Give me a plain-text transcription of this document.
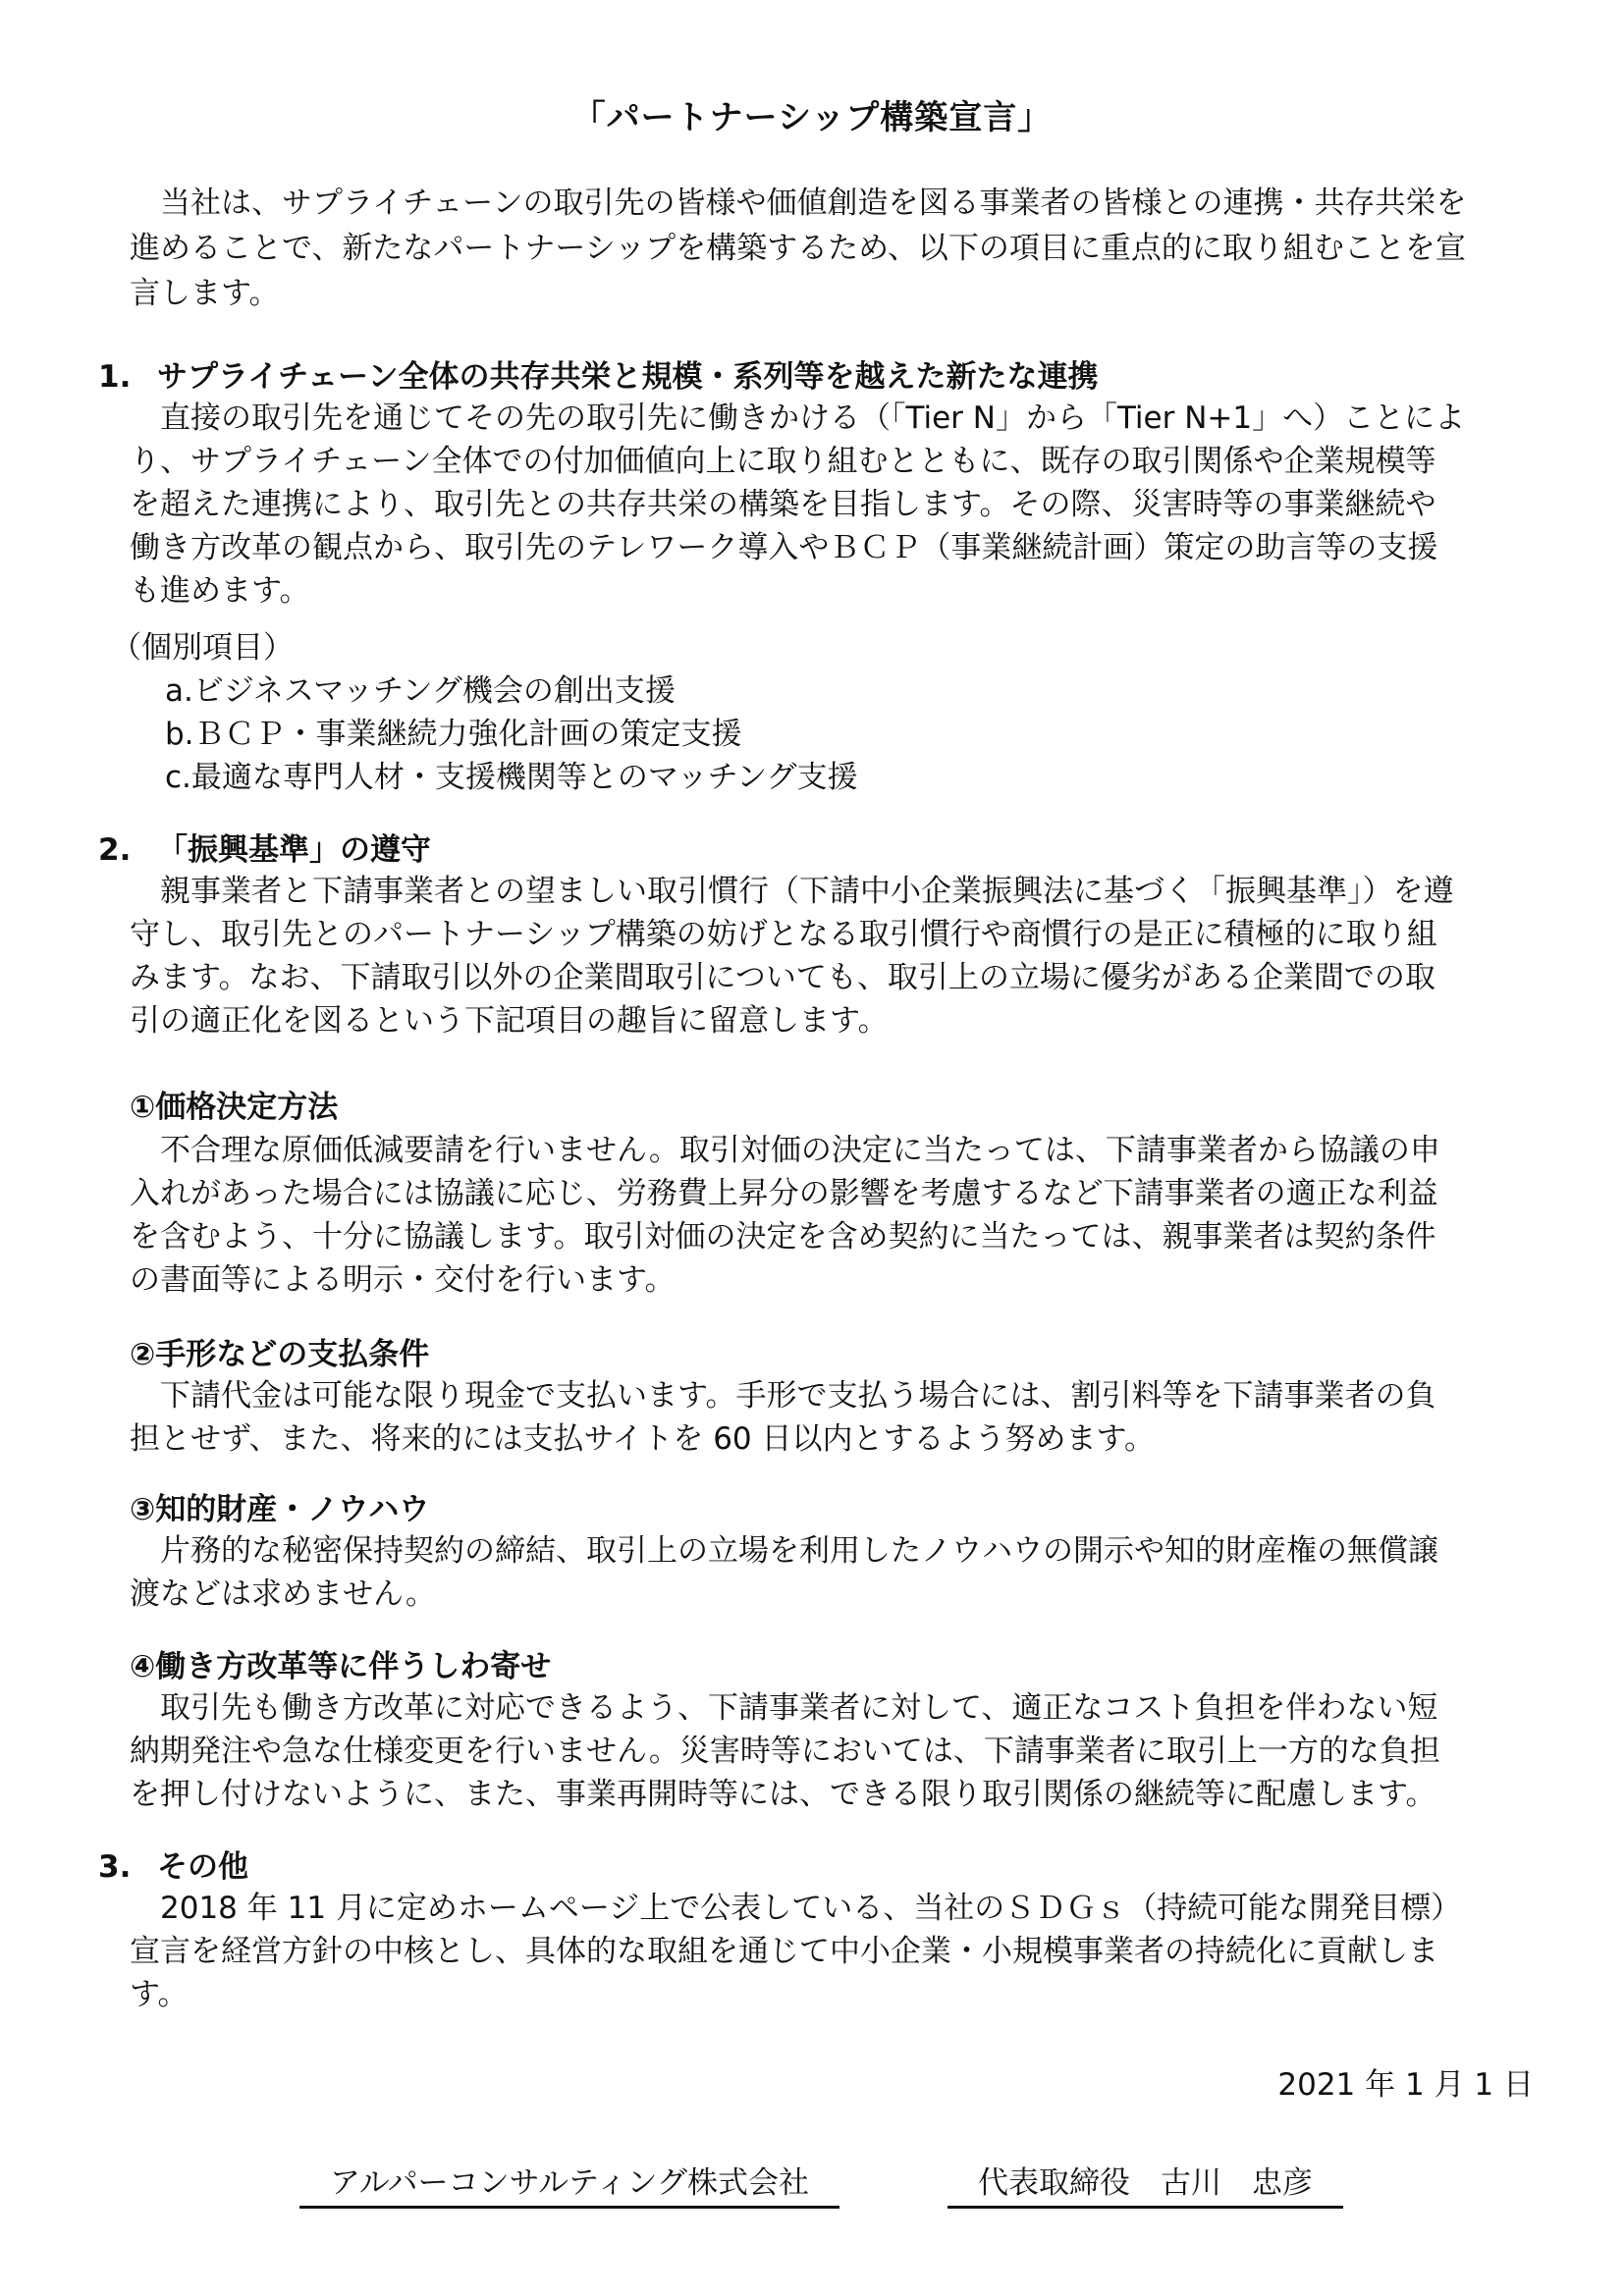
「パートナーシップ構築宣言」
　当社は、サプライチェーンの取引先の皆様や価値創造を図る事業者の皆様との連携・共存共栄を
進めることで、新たなパートナーシップを構築するため、以下の項目に重点的に取り組むことを宣
言します。
1. サプライチェーン全体の共存共栄と規模・系列等を越えた新たな連携
　直接の取引先を通じてその先の取引先に働きかける（「Tier N」から「Tier N+1」へ）ことによ
り、サプライチェーン全体での付加価値向上に取り組むとともに、既存の取引関係や企業規模等
を超えた連携により、取引先との共存共栄の構築を目指します。その際、災害時等の事業継続や
働き方改革の観点から、取引先のテレワーク導入やＢＣＰ（事業継続計画）策定の助言等の支援
も進めます。
（個別項目）
a.ビジネスマッチング機会の創出支援
b.ＢＣＰ・事業継続力強化計画の策定支援
c.最適な専門人材・支援機関等とのマッチング支援
2. 「振興基準」の遵守
　親事業者と下請事業者との望ましい取引慣行（下請中小企業振興法に基づく「振興基準」）を遵
守し、取引先とのパートナーシップ構築の妨げとなる取引慣行や商慣行の是正に積極的に取り組
みます。なお、下請取引以外の企業間取引についても、取引上の立場に優劣がある企業間での取
引の適正化を図るという下記項目の趣旨に留意します。
①価格決定方法
　不合理な原価低減要請を行いません。取引対価の決定に当たっては、下請事業者から協議の申
入れがあった場合には協議に応じ、労務費上昇分の影響を考慮するなど下請事業者の適正な利益
を含むよう、十分に協議します。取引対価の決定を含め契約に当たっては、親事業者は契約条件
の書面等による明示・交付を行います。
②手形などの支払条件
　下請代金は可能な限り現金で支払います。手形で支払う場合には、割引料等を下請事業者の負
担とせず、また、将来的には支払サイトを 60 日以内とするよう努めます。
③知的財産・ノウハウ
　片務的な秘密保持契約の締結、取引上の立場を利用したノウハウの開示や知的財産権の無償譲
渡などは求めません。
④働き方改革等に伴うしわ寄せ
　取引先も働き方改革に対応できるよう、下請事業者に対して、適正なコスト負担を伴わない短
納期発注や急な仕様変更を行いません。災害時等においては、下請事業者に取引上一方的な負担
を押し付けないように、また、事業再開時等には、できる限り取引関係の継続等に配慮します。
3. その他
　2018 年 11 月に定めホームページ上で公表している、当社のＳＤＧｓ（持続可能な開発目標）
宣言を経営方針の中核とし、具体的な取組を通じて中小企業・小規模事業者の持続化に貢献しま
す。
2021 年 1 月 1 日
　アルパーコンサルティング株式会社　	　代表取締役　古川　忠彦　
